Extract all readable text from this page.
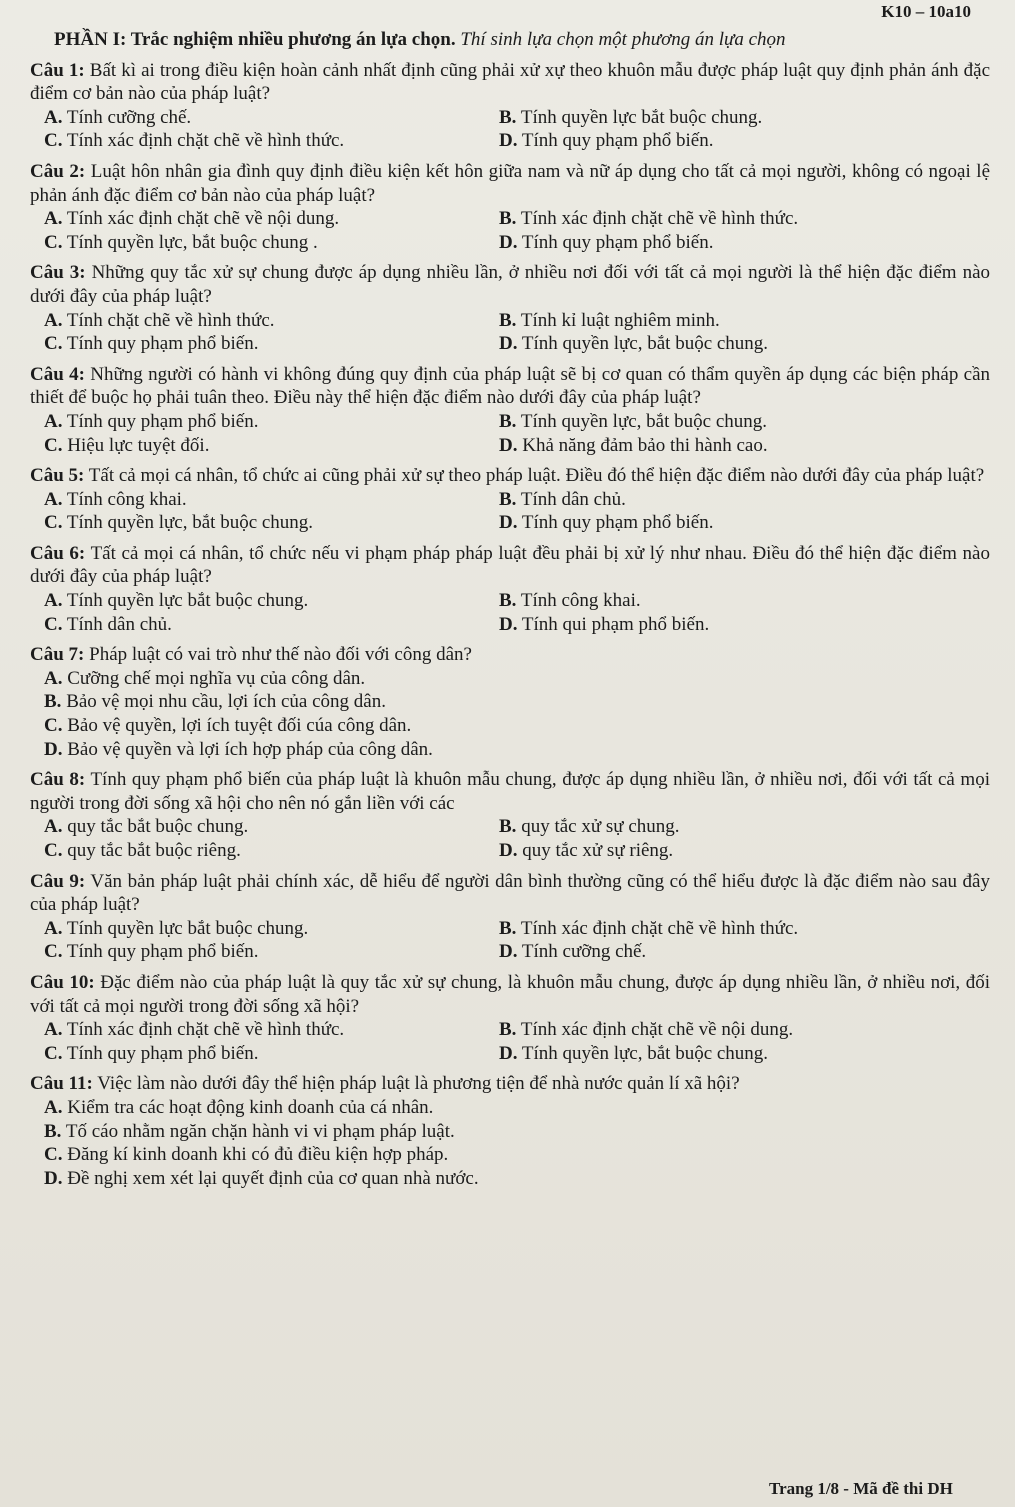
K10 – 10a10
PHẦN I: Trắc nghiệm nhiều phương án lựa chọn. Thí sinh lựa chọn một phương án lựa chọn
Câu 1: Bất kì ai trong điều kiện hoàn cảnh nhất định cũng phải xử xự theo khuôn mẫu được pháp luật quy định phản ánh đặc điểm cơ bản nào của pháp luật?
A. Tính cưỡng chế.	B. Tính quyền lực bắt buộc chung.
C. Tính xác định chặt chẽ về hình thức.	D. Tính quy phạm phổ biến.
Câu 2: Luật hôn nhân gia đình quy định điều kiện kết hôn giữa nam và nữ áp dụng cho tất cả mọi người, không có ngoại lệ phản ánh đặc điểm cơ bản nào của pháp luật?
A. Tính xác định chặt chẽ về nội dung.	B. Tính xác định chặt chẽ về hình thức.
C. Tính quyền lực, bắt buộc chung .	D. Tính quy phạm phổ biến.
Câu 3: Những quy tắc xử sự chung được áp dụng nhiều lần, ở nhiều nơi đối với tất cả mọi người là thể hiện đặc điểm nào dưới đây của pháp luật?
A. Tính chặt chẽ về hình thức.	B. Tính kỉ luật nghiêm minh.
C. Tính quy phạm phổ biến.	D. Tính quyền lực, bắt buộc chung.
Câu 4: Những người có hành vi không đúng quy định của pháp luật sẽ bị cơ quan có thẩm quyền áp dụng các biện pháp cần thiết để buộc họ phải tuân theo. Điều này thể hiện đặc điểm nào dưới đây của pháp luật?
A. Tính quy phạm phổ biến.	B. Tính quyền lực, bắt buộc chung.
C. Hiệu lực tuyệt đối.	D. Khả năng đảm bảo thi hành cao.
Câu 5: Tất cả mọi cá nhân, tổ chức ai cũng phải xử sự theo pháp luật. Điều đó thể hiện đặc điểm nào dưới đây của pháp luật?
A. Tính công khai.	B. Tính dân chủ.
C. Tính quyền lực, bắt buộc chung.	D. Tính quy phạm phổ biến.
Câu 6: Tất cả mọi cá nhân, tổ chức nếu vi phạm pháp pháp luật đều phải bị xử lý như nhau. Điều đó thể hiện đặc điểm nào dưới đây của pháp luật?
A. Tính quyền lực bắt buộc chung.	B. Tính công khai.
C. Tính dân chủ.	D. Tính qui phạm phổ biến.
Câu 7: Pháp luật có vai trò như thế nào đối với công dân?
A. Cưỡng chế mọi nghĩa vụ của công dân.
B. Bảo vệ mọi nhu cầu, lợi ích của công dân.
C. Bảo vệ quyền, lợi ích tuyệt đối cúa công dân.
D. Bảo vệ quyền và lợi ích hợp pháp của công dân.
Câu 8: Tính quy phạm phổ biến của pháp luật là khuôn mẫu chung, được áp dụng nhiều lần, ở nhiều nơi, đối với tất cả mọi người trong đời sống xã hội cho nên nó gắn liền với các
A. quy tắc bắt buộc chung.	B. quy tắc xử sự chung.
C. quy tắc bắt buộc riêng.	D. quy tắc xử sự riêng.
Câu 9: Văn bản pháp luật phải chính xác, dễ hiểu để người dân bình thường cũng có thể hiểu được là đặc điểm nào sau đây của pháp luật?
A. Tính quyền lực bắt buộc chung.	B. Tính xác định chặt chẽ về hình thức.
C. Tính quy phạm phổ biến.	D. Tính cưỡng chế.
Câu 10: Đặc điểm nào của pháp luật là quy tắc xử sự chung, là khuôn mẫu chung, được áp dụng nhiều lần, ở nhiều nơi, đối với tất cả mọi người trong đời sống xã hội?
A. Tính xác định chặt chẽ về hình thức.	B. Tính xác định chặt chẽ về nội dung.
C. Tính quy phạm phổ biến.	D. Tính quyền lực, bắt buộc chung.
Câu 11: Việc làm nào dưới đây thể hiện pháp luật là phương tiện để nhà nước quản lí xã hội?
A. Kiểm tra các hoạt động kinh doanh của cá nhân.
B. Tố cáo nhằm ngăn chặn hành vi vi phạm pháp luật.
C. Đăng kí kinh doanh khi có đủ điều kiện hợp pháp.
D. Đề nghị xem xét lại quyết định của cơ quan nhà nước.
Trang 1/8 - Mã đề thi DH
